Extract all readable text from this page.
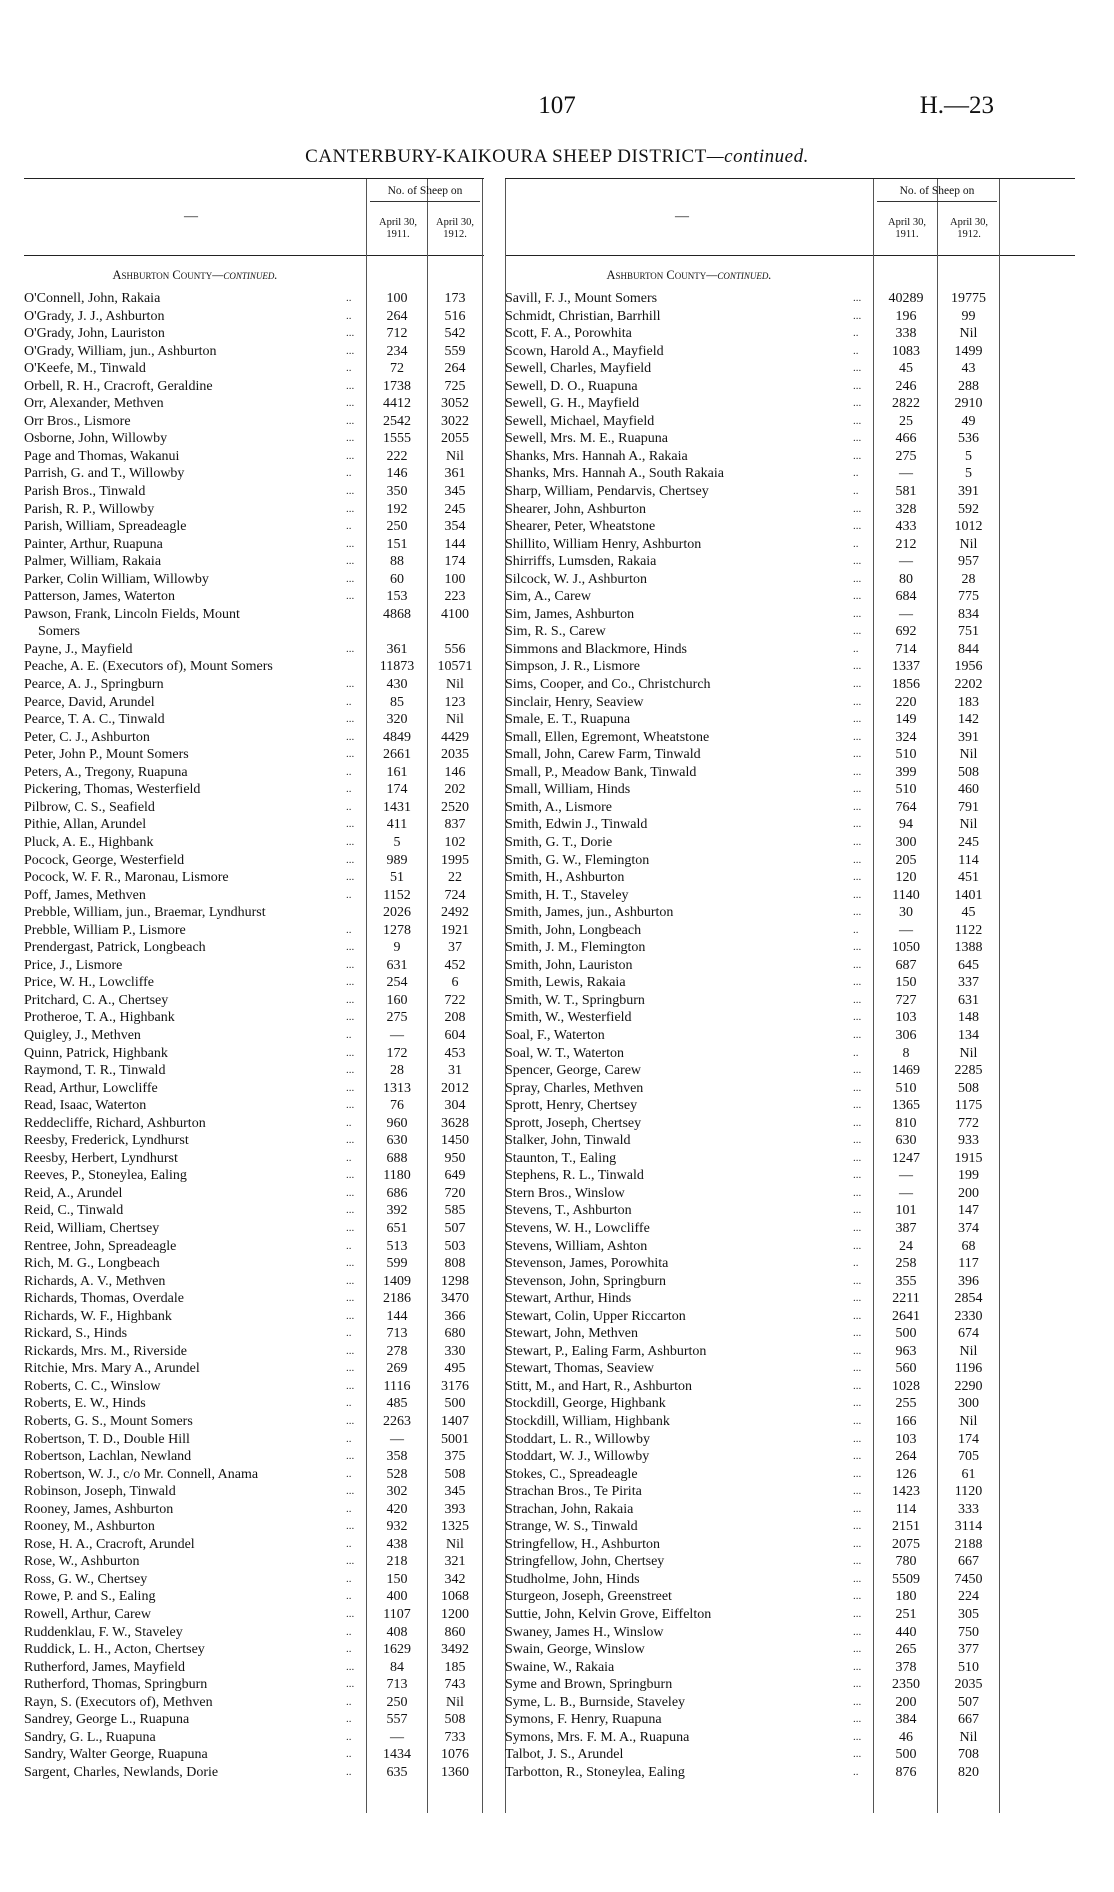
107	H.—23
CANTERBURY-KAIKOURA SHEEP DISTRICT—continued.
—
No. of Sheep on
April 30, 1911.
April 30, 1912.
Ashburton County—continued.
O'Connell, John, Rakaia	..	100	173
O'Grady, J. J., Ashburton	..	264	516
O'Grady, John, Lauriston	...	712	542
O'Grady, William, jun., Ashburton	...	234	559
O'Keefe, M., Tinwald	..	72	264
Orbell, R. H., Cracroft, Geraldine	...	1738	725
Orr, Alexander, Methven	...	4412	3052
Orr Bros., Lismore	...	2542	3022
Osborne, John, Willowby	...	1555	2055
Page and Thomas, Wakanui	...	222	Nil
Parrish, G. and T., Willowby	..	146	361
Parish Bros., Tinwald	...	350	345
Parish, R. P., Willowby	...	192	245
Parish, William, Spreadeagle	..	250	354
Painter, Arthur, Ruapuna	...	151	144
Palmer, William, Rakaia	...	88	174
Parker, Colin William, Willowby	...	60	100
Patterson, James, Waterton	...	153	223
Pawson, Frank, Lincoln Fields, Mount	4868	4100
Somers
Payne, J., Mayfield	...	361	556
Peache, A. E. (Executors of), Mount Somers	11873	10571
Pearce, A. J., Springburn	...	430	Nil
Pearce, David, Arundel	..	85	123
Pearce, T. A. C., Tinwald	...	320	Nil
Peter, C. J., Ashburton	...	4849	4429
Peter, John P., Mount Somers	...	2661	2035
Peters, A., Tregony, Ruapuna	..	161	146
Pickering, Thomas, Westerfield	..	174	202
Pilbrow, C. S., Seafield	..	1431	2520
Pithie, Allan, Arundel	...	411	837
Pluck, A. E., Highbank	...	5	102
Pocock, George, Westerfield	...	989	1995
Pocock, W. F. R., Maronau, Lismore	...	51	22
Poff, James, Methven	..	1152	724
Prebble, William, jun., Braemar, Lyndhurst	2026	2492
Prebble, William P., Lismore	..	1278	1921
Prendergast, Patrick, Longbeach	...	9	37
Price, J., Lismore	...	631	452
Price, W. H., Lowcliffe	...	254	6
Pritchard, C. A., Chertsey	...	160	722
Protheroe, T. A., Highbank	...	275	208
Quigley, J., Methven	..	—	604
Quinn, Patrick, Highbank	...	172	453
Raymond, T. R., Tinwald	...	28	31
Read, Arthur, Lowcliffe	...	1313	2012
Read, Isaac, Waterton	...	76	304
Reddecliffe, Richard, Ashburton	..	960	3628
Reesby, Frederick, Lyndhurst	...	630	1450
Reesby, Herbert, Lyndhurst	..	688	950
Reeves, P., Stoneylea, Ealing	...	1180	649
Reid, A., Arundel	...	686	720
Reid, C., Tinwald	...	392	585
Reid, William, Chertsey	...	651	507
Rentree, John, Spreadeagle	..	513	503
Rich, M. G., Longbeach	...	599	808
Richards, A. V., Methven	...	1409	1298
Richards, Thomas, Overdale	...	2186	3470
Richards, W. F., Highbank	...	144	366
Rickard, S., Hinds	..	713	680
Rickards, Mrs. M., Riverside	...	278	330
Ritchie, Mrs. Mary A., Arundel	...	269	495
Roberts, C. C., Winslow	...	1116	3176
Roberts, E. W., Hinds	..	485	500
Roberts, G. S., Mount Somers	...	2263	1407
Robertson, T. D., Double Hill	..	—	5001
Robertson, Lachlan, Newland	...	358	375
Robertson, W. J., c/o Mr. Connell, Anama	..	528	508
Robinson, Joseph, Tinwald	...	302	345
Rooney, James, Ashburton	..	420	393
Rooney, M., Ashburton	...	932	1325
Rose, H. A., Cracroft, Arundel	..	438	Nil
Rose, W., Ashburton	...	218	321
Ross, G. W., Chertsey	..	150	342
Rowe, P. and S., Ealing	..	400	1068
Rowell, Arthur, Carew	...	1107	1200
Ruddenklau, F. W., Staveley	..	408	860
Ruddick, L. H., Acton, Chertsey	..	1629	3492
Rutherford, James, Mayfield	...	84	185
Rutherford, Thomas, Springburn	...	713	743
Rayn, S. (Executors of), Methven	..	250	Nil
Sandrey, George L., Ruapuna	..	557	508
Sandry, G. L., Ruapuna	..	—	733
Sandry, Walter George, Ruapuna	..	1434	1076
Sargent, Charles, Newlands, Dorie	..	635	1360
—
No. of Sheep on
April 30, 1911.
April 30, 1912.
Ashburton County—continued.
Savill, F. J., Mount Somers	...	40289	19775
Schmidt, Christian, Barrhill	...	196	99
Scott, F. A., Porowhita	..	338	Nil
Scown, Harold A., Mayfield	..	1083	1499
Sewell, Charles, Mayfield	...	45	43
Sewell, D. O., Ruapuna	...	246	288
Sewell, G. H., Mayfield	...	2822	2910
Sewell, Michael, Mayfield	...	25	49
Sewell, Mrs. M. E., Ruapuna	...	466	536
Shanks, Mrs. Hannah A., Rakaia	...	275	5
Shanks, Mrs. Hannah A., South Rakaia	..	—	5
Sharp, William, Pendarvis, Chertsey	..	581	391
Shearer, John, Ashburton	...	328	592
Shearer, Peter, Wheatstone	...	433	1012
Shillito, William Henry, Ashburton	..	212	Nil
Shirriffs, Lumsden, Rakaia	...	—	957
Silcock, W. J., Ashburton	...	80	28
Sim, A., Carew	...	684	775
Sim, James, Ashburton	...	—	834
Sim, R. S., Carew	...	692	751
Simmons and Blackmore, Hinds	..	714	844
Simpson, J. R., Lismore	...	1337	1956
Sims, Cooper, and Co., Christchurch	...	1856	2202
Sinclair, Henry, Seaview	...	220	183
Smale, E. T., Ruapuna	...	149	142
Small, Ellen, Egremont, Wheatstone	...	324	391
Small, John, Carew Farm, Tinwald	...	510	Nil
Small, P., Meadow Bank, Tinwald	...	399	508
Small, William, Hinds	...	510	460
Smith, A., Lismore	...	764	791
Smith, Edwin J., Tinwald	...	94	Nil
Smith, G. T., Dorie	...	300	245
Smith, G. W., Flemington	...	205	114
Smith, H., Ashburton	...	120	451
Smith, H. T., Staveley	...	1140	1401
Smith, James, jun., Ashburton	...	30	45
Smith, John, Longbeach	..	—	1122
Smith, J. M., Flemington	...	1050	1388
Smith, John, Lauriston	...	687	645
Smith, Lewis, Rakaia	...	150	337
Smith, W. T., Springburn	...	727	631
Smith, W., Westerfield	...	103	148
Soal, F., Waterton	...	306	134
Soal, W. T., Waterton	..	8	Nil
Spencer, George, Carew	...	1469	2285
Spray, Charles, Methven	...	510	508
Sprott, Henry, Chertsey	...	1365	1175
Sprott, Joseph, Chertsey	...	810	772
Stalker, John, Tinwald	...	630	933
Staunton, T., Ealing	...	1247	1915
Stephens, R. L., Tinwald	...	—	199
Stern Bros., Winslow	...	—	200
Stevens, T., Ashburton	...	101	147
Stevens, W. H., Lowcliffe	...	387	374
Stevens, William, Ashton	...	24	68
Stevenson, James, Porowhita	..	258	117
Stevenson, John, Springburn	...	355	396
Stewart, Arthur, Hinds	...	2211	2854
Stewart, Colin, Upper Riccarton	...	2641	2330
Stewart, John, Methven	...	500	674
Stewart, P., Ealing Farm, Ashburton	...	963	Nil
Stewart, Thomas, Seaview	...	560	1196
Stitt, M., and Hart, R., Ashburton	...	1028	2290
Stockdill, George, Highbank	...	255	300
Stockdill, William, Highbank	...	166	Nil
Stoddart, L. R., Willowby	...	103	174
Stoddart, W. J., Willowby	...	264	705
Stokes, C., Spreadeagle	...	126	61
Strachan Bros., Te Pirita	...	1423	1120
Strachan, John, Rakaia	...	114	333
Strange, W. S., Tinwald	...	2151	3114
Stringfellow, H., Ashburton	...	2075	2188
Stringfellow, John, Chertsey	...	780	667
Studholme, John, Hinds	...	5509	7450
Sturgeon, Joseph, Greenstreet	...	180	224
Suttie, John, Kelvin Grove, Eiffelton	...	251	305
Swaney, James H., Winslow	...	440	750
Swain, George, Winslow	...	265	377
Swaine, W., Rakaia	...	378	510
Syme and Brown, Springburn	...	2350	2035
Syme, L. B., Burnside, Staveley	...	200	507
Symons, F. Henry, Ruapuna	...	384	667
Symons, Mrs. F. M. A., Ruapuna	...	46	Nil
Talbot, J. S., Arundel	...	500	708
Tarbotton, R., Stoneylea, Ealing	..	876	820
